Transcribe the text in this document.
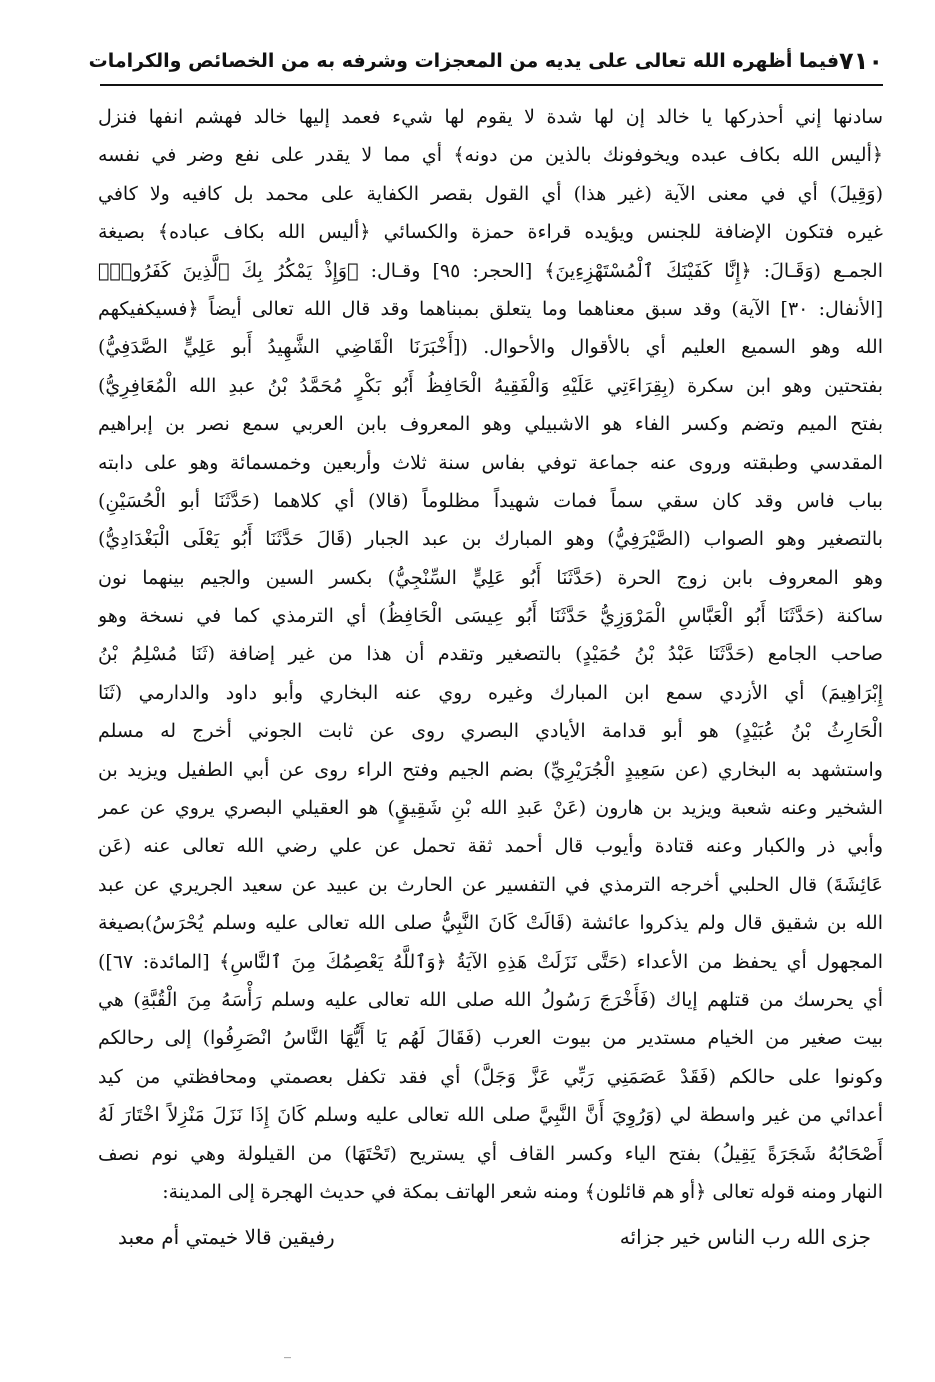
٧١٠
فيما أظهره الله تعالى على يديه من المعجزات وشرفه به من الخصائص والكرامات
سادنها إني أحذركها يا خالد إن لها شدة لا يقوم لها شيء فعمد إليها خالد فهشم انفها فنزل
﴿أليس الله بكاف عبده ويخوفونك بالذين من دونه﴾ أي مما لا يقدر على نفع وضر في نفسه
(وَقِيلَ) أي في معنى الآية (غير هذا) أي القول بقصر الكفاية على محمد بل كافيه ولا كافي
غيره فتكون الإضافة للجنس ويؤيده قراءة حمزة والكسائي ﴿أليس الله بكاف عباده﴾ بصيغة
الجمـع (وَقَـالَ: ﴿إِنَّا كَفَيْنَكَ ٱلْمُسْتَهْزِءِينَ﴾ [الحجر: ٩٥] وقـال: ﴿وَإِذْ يَمْكُرُ بِكَ ٱلَّذِينَ كَفَرُوا۟﴾
[الأنفال: ٣٠] الآية) وقد سبق معناهما وما يتعلق بمبناهما وقد قال الله تعالى أيضاً ﴿فسيكفيكهم
الله وهو السميع العليم أي بالأقوال والأحوال. ([أَخْبَرَنَا الْقَاضِي الشَّهِيدُ أَبو عَلِيٍّ الصَّدَفِيُّ)
بفتحتين وهو ابن سكرة (بِقِرَاءَتِي عَلَيْهِ وَالْفَقِيهُ الْحَافِظُ أَبُو بَكْرٍ مُحَمَّدُ بْنُ عبدِ الله الْمُعَافِرِيُّ)
بفتح الميم وتضم وكسر الفاء هو الاشبيلي وهو المعروف بابن العربي سمع نصر بن إبراهيم
المقدسي وطبقته وروى عنه جماعة توفي بفاس سنة ثلاث وأربعين وخمسمائة وهو على دابته
بباب فاس وقد كان سقي سماً فمات شهيداً مظلوماً (قالا) أي كلاهما (حَدَّثَنَا أبو الْحُسَيْنِ)
بالتصغير وهو الصواب (الصَّيْرَفِيُّ) وهو المبارك بن عبد الجبار (قَالَ حَدَّثَنَا أَبُو يَعْلَى الْبَغْدَادِيُّ)
وهو المعروف بابن زوج الحرة (حَدَّثَنَا أَبُو عَلِيٍّ السِّنْجِيُّ) بكسر السين والجيم بينهما نون
ساكنة (حَدَّثَنَا أَبُو الْعَبَّاسِ الْمَرْوَزِيُّ حَدَّثَنَا أَبُو عِيسَى الْحَافِظُ) أي الترمذي كما في نسخة وهو
صاحب الجامع (حَدَّثَنَا عَبْدُ بْنُ حُمَيْدٍ) بالتصغير وتقدم أن هذا من غير إضافة (ثَنَا مُسْلِمُ بْنُ
إِبْرَاهِيمَ) أي الأزدي سمع ابن المبارك وغيره روي عنه البخاري وأبو داود والدارمي (ثَنَا
الْحَارِثُ بْنُ عُبَيْدٍ) هو أبو قدامة الأيادي البصري روى عن ثابت الجوني أخرج له مسلم
واستشهد به البخاري (عن سَعِيدٍ الْجُرَيْرِيِّ) بضم الجيم وفتح الراء روى عن أبي الطفيل ويزيد بن
الشخير وعنه شعبة ويزيد بن هارون (عَنْ عَبدِ الله بْنِ شَقِيقٍ) هو العقيلي البصري يروي عن عمر
وأبي ذر والكبار وعنه قتادة وأيوب قال أحمد ثقة تحمل عن علي رضي الله تعالى عنه (عَن
عَائِشَةَ) قال الحلبي أخرجه الترمذي في التفسير عن الحارث بن عبيد عن سعيد الجريري عن عبد
الله بن شقيق قال ولم يذكروا عائشة (قَالَتْ كَانَ النَّبِيُّ صلى الله تعالى عليه وسلم يُحْرَسُ)بصيغة
المجهول أي يحفظ من الأعداء (حَتَّى نَزَلَتْ هَذِهِ الآيَةُ ﴿وَٱللَّهُ يَعْصِمُكَ مِنَ ٱلنَّاسِ﴾ [المائدة: ٦٧])
أي يحرسك من قتلهم إياك (فَأَخْرَجَ رَسُولُ الله صلى الله تعالى عليه وسلم رَأْسَهُ مِنَ الْقُبَّةِ) هي
بيت صغير من الخيام مستدير من بيوت العرب (فَقَالَ لَهُم يَا أَيُّهَا النَّاسُ انْصَرِفُوا) إلى رحالكم
وكونوا على حالكم (فَقَدْ عَصَمَنِي رَبِّي عَزَّ وَجَلَّ) أي فقد تكفل بعصمتي ومحافظتي من كيد
أعدائي من غير واسطة لي (وَرُوِيَ أَنَّ النَّبِيَّ صلى الله تعالى عليه وسلم كَانَ إِذَا نَزَلَ مَنْزِلاً اخْتَارَ لَهُ
أَصْحَابُهُ شَجَرَةً يَقِيلُ) بفتح الياء وكسر القاف أي يستريح (تَحْتَهَا) من القيلولة وهي نوم نصف
النهار ومنه قوله تعالى ﴿أو هم قائلون﴾ ومنه شعر الهاتف بمكة في حديث الهجرة إلى المدينة:
جزى الله رب الناس خير جزائه
رفيقين قالا خيمتي أم معبد
‾
